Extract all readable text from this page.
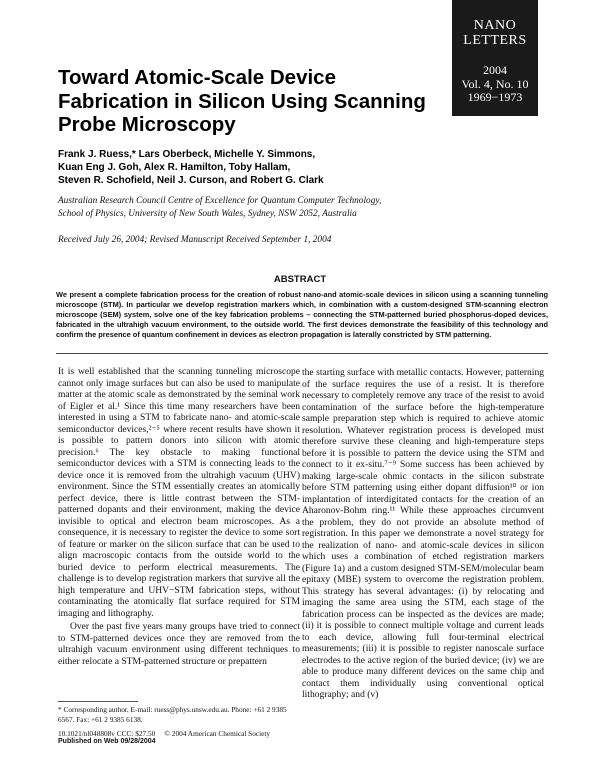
NANO
LETTERS
2004
Vol. 4, No. 10
1969−1973
Toward Atomic-Scale Device Fabrication in Silicon Using Scanning Probe Microscopy
Frank J. Ruess,* Lars Oberbeck, Michelle Y. Simmons,
Kuan Eng J. Goh, Alex R. Hamilton, Toby Hallam,
Steven R. Schofield, Neil J. Curson, and Robert G. Clark
Australian Research Council Centre of Excellence for Quantum Computer Technology,
School of Physics, University of New South Wales, Sydney, NSW 2052, Australia
Received July 26, 2004; Revised Manuscript Received September 1, 2004
ABSTRACT
We present a complete fabrication process for the creation of robust nano-and atomic-scale devices in silicon using a scanning tunneling microscope (STM). In particular we develop registration markers which, in combination with a custom-designed STM-scanning electron microscope (SEM) system, solve one of the key fabrication problems – connecting the STM-patterned buried phosphorus-doped devices, fabricated in the ultrahigh vacuum environment, to the outside world. The first devices demonstrate the feasibility of this technology and confirm the presence of quantum confinement in devices as electron propagation is laterally constricted by STM patterning.

It is well established that the scanning tunneling microscope cannot only image surfaces but can also be used to manipulate matter at the atomic scale as demonstrated by the seminal work of Eigler et al.¹ Since this time many researchers have been interested in using a STM to fabricate nano- and atomic-scale semiconductor devices,²⁻⁵ where recent results have shown it is possible to pattern donors into silicon with atomic precision.⁶ The key obstacle to making functional semiconductor devices with a STM is connecting leads to the device once it is removed from the ultrahigh vacuum (UHV) environment. Since the STM essentially creates an atomically perfect device, there is little contrast between the STM-patterned dopants and their environment, making the device invisible to optical and electron beam microscopes. As a consequence, it is necessary to register the device to some sort of feature or marker on the silicon surface that can be used to align macroscopic contacts from the outside world to the buried device to perform electrical measurements. The challenge is to develop registration markers that survive all the high temperature and UHV−STM fabrication steps, without contaminating the atomically flat surface required for STM imaging and lithography.

Over the past five years many groups have tried to connect to STM-patterned devices once they are removed from the ultrahigh vacuum environment using different techniques to either relocate a STM-patterned structure or prepattern

the starting surface with metallic contacts. However, patterning of the surface requires the use of a resist. It is therefore necessary to completely remove any trace of the resist to avoid contamination of the surface before the high-temperature sample preparation step which is required to achieve atomic resolution. Whatever registration process is developed must therefore survive these cleaning and high-temperature steps before it is possible to pattern the device using the STM and connect to it ex-situ.⁷⁻⁹ Some success has been achieved by making large-scale ohmic contacts in the silicon substrate before STM patterning using either dopant diffusion¹⁰ or ion implantation of interdigitated contacts for the creation of an Aharonov-Bohm ring.¹¹ While these approaches circumvent the problem, they do not provide an absolute method of registration. In this paper we demonstrate a novel strategy for the realization of nano- and atomic-scale devices in silicon which uses a combination of etched registration markers (Figure 1a) and a custom designed STM-SEM/molecular beam epitaxy (MBE) system to overcome the registration problem. This strategy has several advantages: (i) by relocating and imaging the same area using the STM, each stage of the fabrication process can be inspected as the devices are made; (ii) it is possible to connect multiple voltage and current leads to each device, allowing full four-terminal electrical measurements; (iii) it is possible to register nanoscale surface electrodes to the active region of the buried device; (iv) we are able to produce many different devices on the same chip and contact them individually using conventional optical lithography; and (v)

* Corresponding author. E-mail: ruess@phys.unsw.edu.au. Phone: +61 2 9385 6567. Fax: +61 2 9385 6138.
10.1021/nl048808v CCC: $27.50     © 2004 American Chemical Society
Published on Web 09/28/2004
